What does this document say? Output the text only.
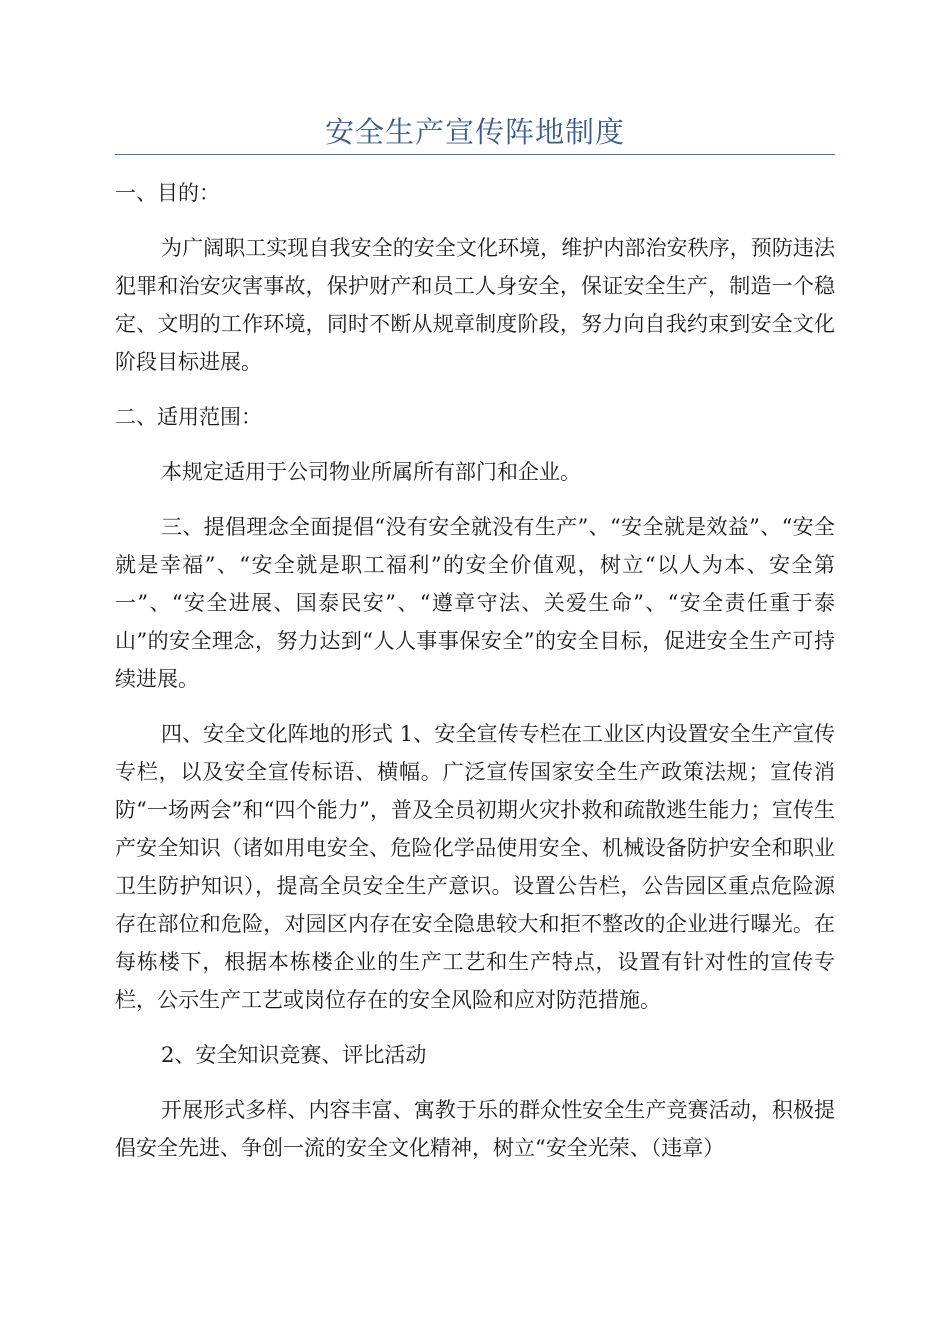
安全生产宣传阵地制度

一、目的：

为广阔职工实现自我安全的安全文化环境，维护内部治安秩序，预防违法犯罪和治安灾害事故，保护财产和员工人身安全，保证安全生产，制造一个稳定、文明的工作环境，同时不断从规章制度阶段，努力向自我约束到安全文化阶段目标进展。

二、适用范围：

本规定适用于公司物业所属所有部门和企业。

三、提倡理念全面提倡“没有安全就没有生产”、“安全就是效益”、“安全就是幸福”、“安全就是职工福利”的安全价值观，树立“以人为本、安全第一”、“安全进展、国泰民安”、“遵章守法、关爱生命”、“安全责任重于泰山”的安全理念，努力达到“人人事事保安全”的安全目标，促进安全生产可持续进展。

四、安全文化阵地的形式 1、安全宣传专栏在工业区内设置安全生产宣传专栏，以及安全宣传标语、横幅。广泛宣传国家安全生产政策法规；宣传消防“一场两会”和“四个能力”，普及全员初期火灾扑救和疏散逃生能力；宣传生产安全知识（诸如用电安全、危险化学品使用安全、机械设备防护安全和职业卫生防护知识），提高全员安全生产意识。设置公告栏，公告园区重点危险源存在部位和危险，对园区内存在安全隐患较大和拒不整改的企业进行曝光。在每栋楼下，根据本栋楼企业的生产工艺和生产特点，设置有针对性的宣传专栏，公示生产工艺或岗位存在的安全风险和应对防范措施。

2、安全知识竞赛、评比活动

开展形式多样、内容丰富、寓教于乐的群众性安全生产竞赛活动，积极提倡安全先进、争创一流的安全文化精神，树立“安全光荣、（违章）
